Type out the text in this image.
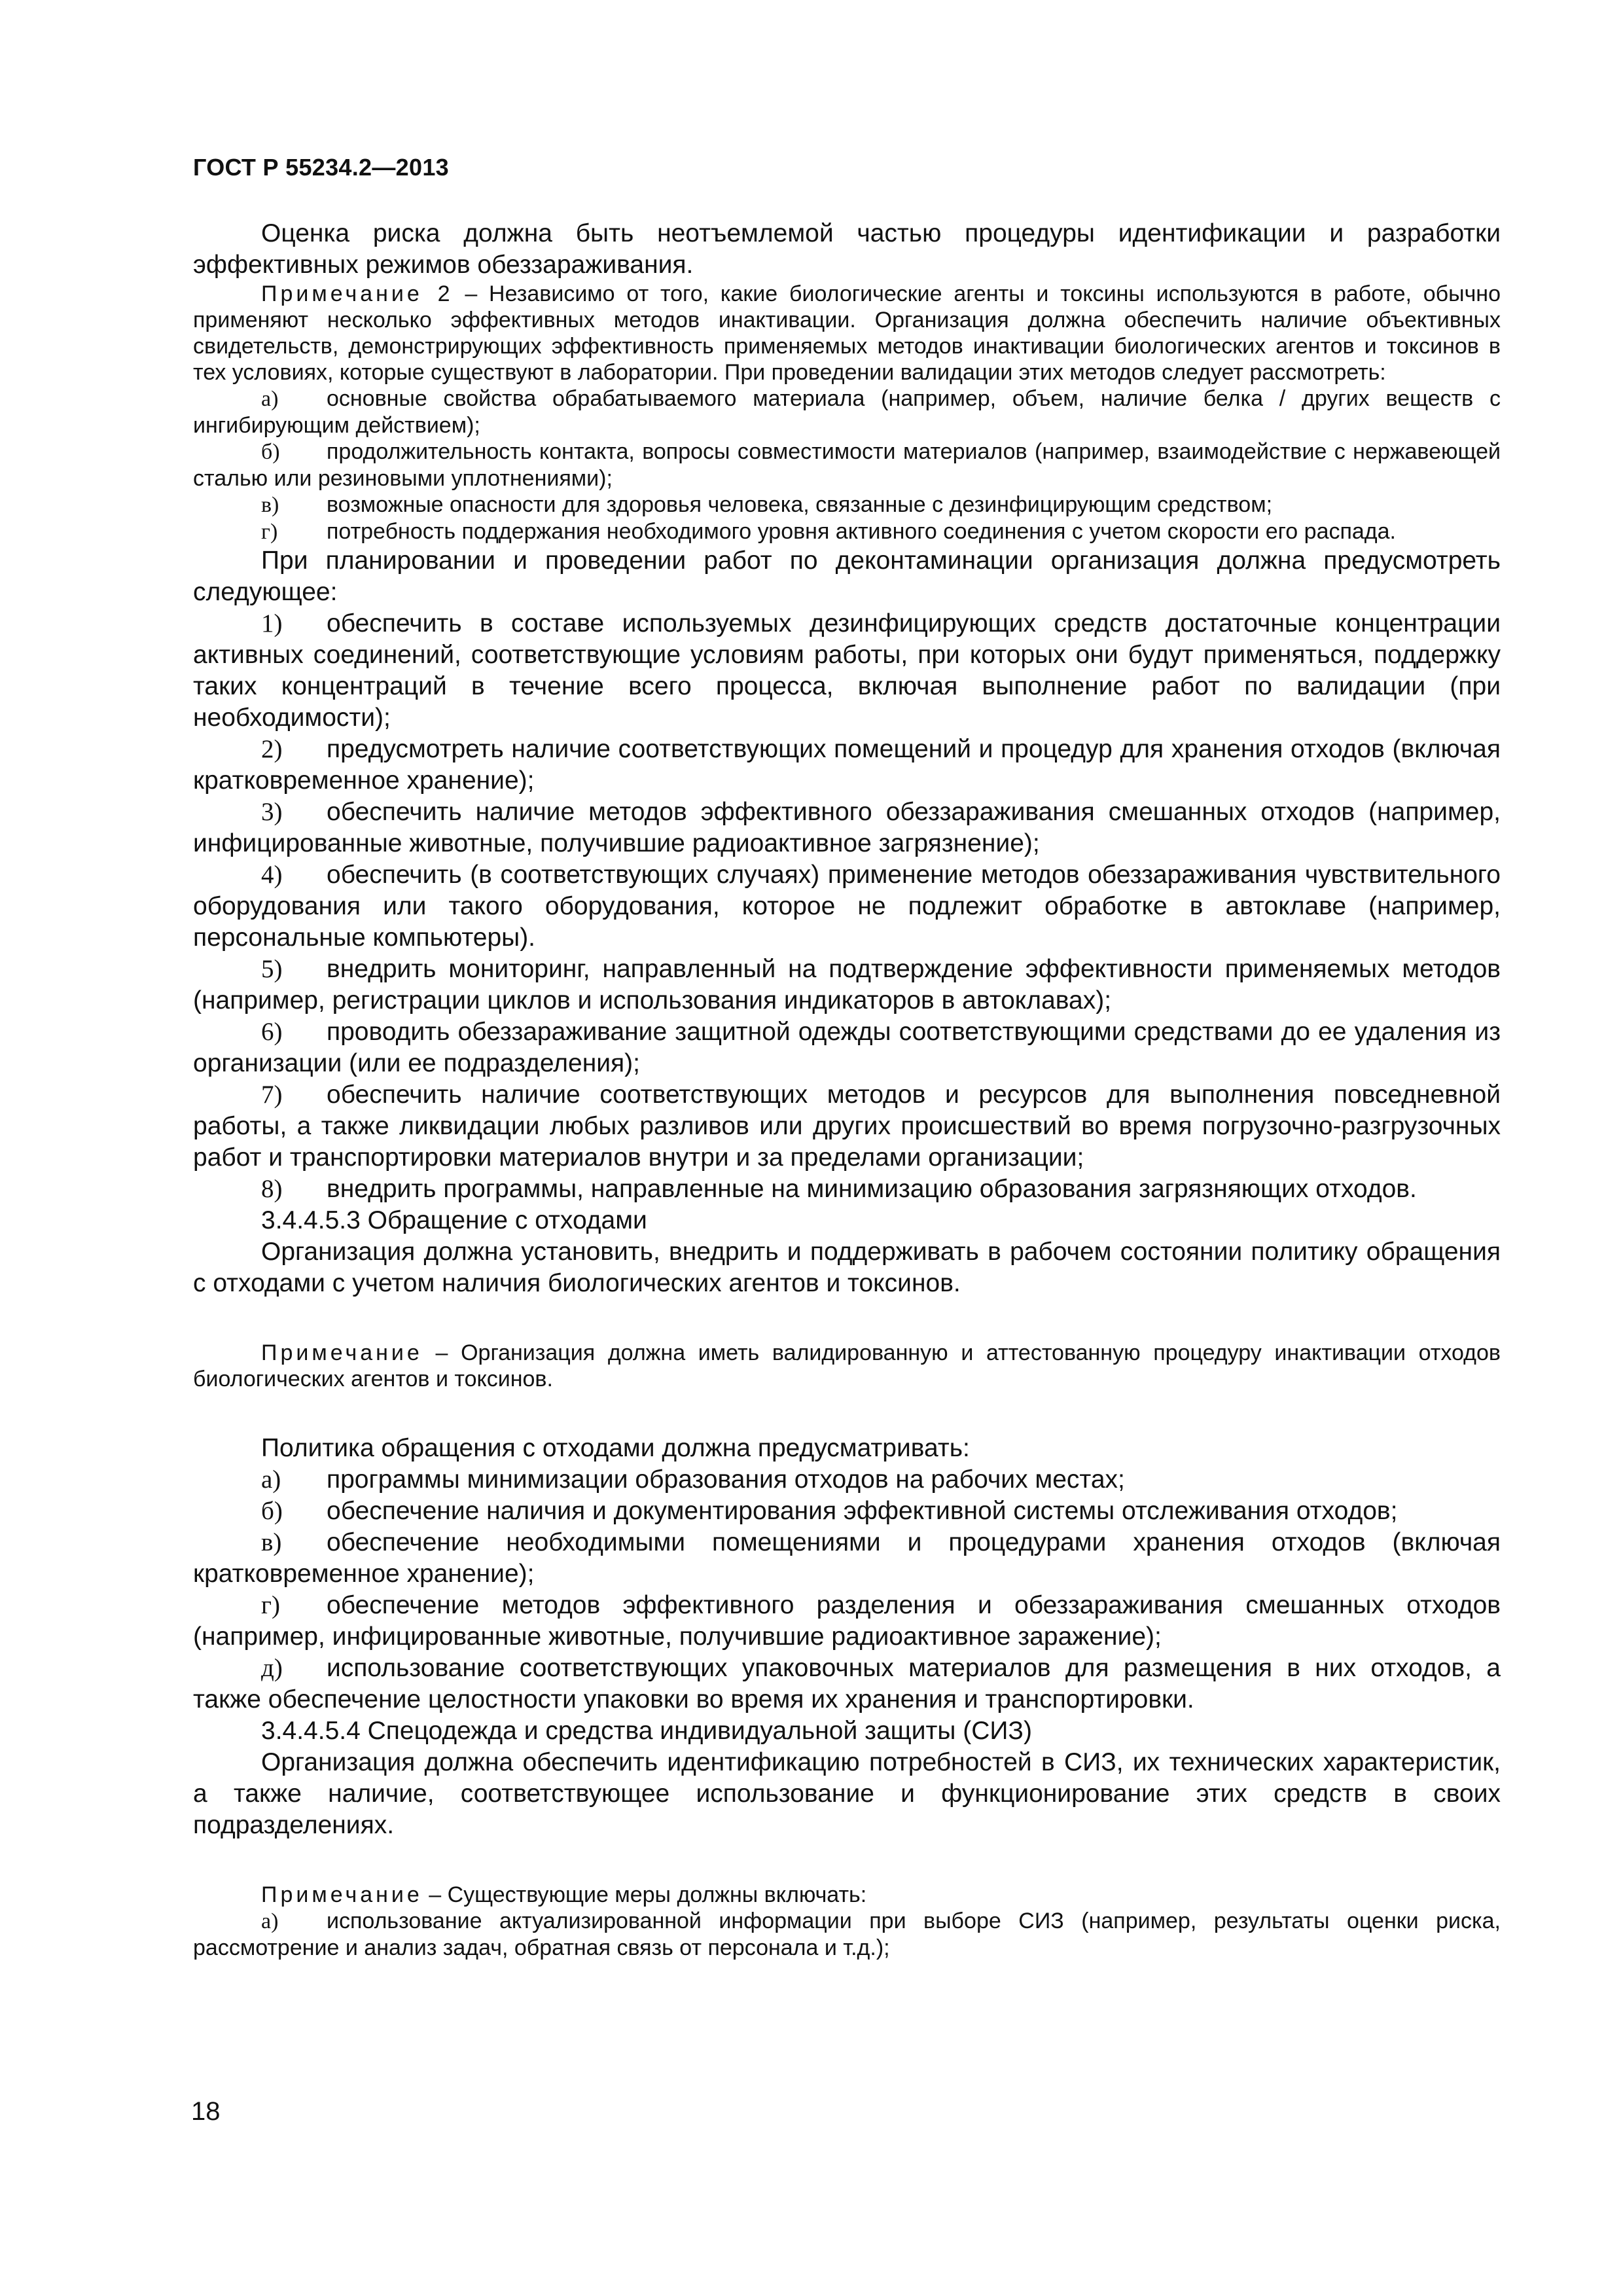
ГОСТ Р 55234.2—2013

Оценка риска должна быть неотъемлемой частью процедуры идентификации и разработки эффективных режимов обеззараживания.

Примечание 2 – Независимо от того, какие биологические агенты и токсины используются в работе, обычно применяют несколько эффективных методов инактивации. Организация должна обеспечить наличие объективных свидетельств, демонстрирующих эффективность применяемых методов инактивации биологических агентов и токсинов в тех условиях, которые существуют в лаборатории. При проведении валидации этих методов следует рассмотреть:

а) основные свойства обрабатываемого материала (например, объем, наличие белка / других веществ с ингибирующим действием);

б) продолжительность контакта, вопросы совместимости материалов (например, взаимодействие с нержавеющей сталью или резиновыми уплотнениями);

в) возможные опасности для здоровья человека, связанные с дезинфицирующим средством;

г) потребность поддержания необходимого уровня активного соединения с учетом скорости его распада.

При планировании и проведении работ по деконтаминации организация должна предусмотреть следующее:

1) обеспечить в составе используемых дезинфицирующих средств достаточные концентрации активных соединений, соответствующие условиям работы, при которых они будут применяться, поддержку таких концентраций в течение всего процесса, включая выполнение работ по валидации (при необходимости);

2) предусмотреть наличие соответствующих помещений и процедур для хранения отходов (включая кратковременное хранение);

3) обеспечить наличие методов эффективного обеззараживания смешанных отходов (например, инфицированные животные, получившие радиоактивное загрязнение);

4) обеспечить (в соответствующих случаях) применение методов обеззараживания чувствительного оборудования или такого оборудования, которое не подлежит обработке в автоклаве (например, персональные компьютеры).

5) внедрить мониторинг, направленный на подтверждение эффективности применяемых методов (например, регистрации циклов и использования индикаторов в автоклавах);

6) проводить обеззараживание защитной одежды соответствующими средствами до ее удаления из организации (или ее подразделения);

7) обеспечить наличие соответствующих методов и ресурсов для выполнения повседневной работы, а также ликвидации любых разливов или других происшествий во время погрузочно-разгрузочных работ и транспортировки материалов внутри и за пределами организации;

8) внедрить программы, направленные на минимизацию образования загрязняющих отходов.

3.4.4.5.3 Обращение с отходами

Организация должна установить, внедрить и поддерживать в рабочем состоянии политику обращения с отходами с учетом наличия биологических агентов и токсинов.

Примечание – Организация должна иметь валидированную и аттестованную процедуру инактивации отходов биологических агентов и токсинов.

Политика обращения с отходами должна предусматривать:

а) программы минимизации образования отходов на рабочих местах;

б) обеспечение наличия и документирования эффективной системы отслеживания отходов;

в) обеспечение необходимыми помещениями и процедурами хранения отходов (включая кратковременное хранение);

г) обеспечение методов эффективного разделения и обеззараживания смешанных отходов (например, инфицированные животные, получившие радиоактивное заражение);

д) использование соответствующих упаковочных материалов для размещения в них отходов, а также обеспечение целостности упаковки во время их хранения и транспортировки.

3.4.4.5.4 Спецодежда и средства индивидуальной защиты (СИЗ)

Организация должна обеспечить идентификацию потребностей в СИЗ, их технических характеристик, а также наличие, соответствующее использование и функционирование этих средств в своих подразделениях.

Примечание – Существующие меры должны включать:

а) использование актуализированной информации при выборе СИЗ (например, результаты оценки риска, рассмотрение и анализ задач, обратная связь от персонала и т.д.);

18
